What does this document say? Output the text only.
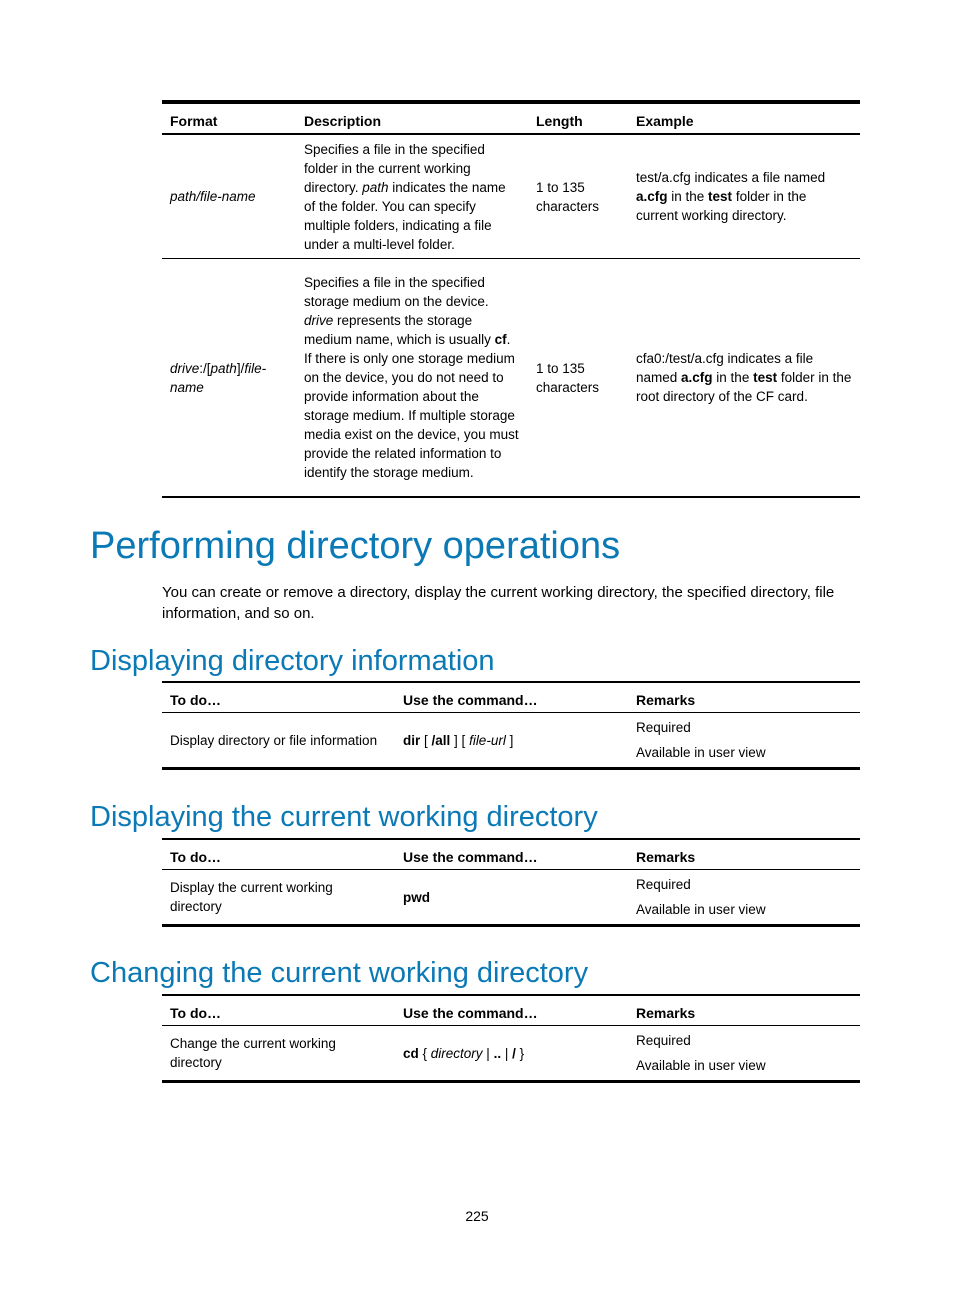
Format	Description	Length	Example
path/file-name	Specifies a file in the specified folder in the current working directory. path indicates the name of the folder. You can specify multiple folders, indicating a file under a multi-level folder.	1 to 135 characters	test/a.cfg indicates a file named a.cfg in the test folder in the current working directory.
drive:/[path]/file-name	Specifies a file in the specified storage medium on the device. drive represents the storage medium name, which is usually cf. If there is only one storage medium on the device, you do not need to provide information about the storage medium. If multiple storage media exist on the device, you must provide the related information to identify the storage medium.	1 to 135 characters	cfa0:/test/a.cfg indicates a file named a.cfg in the test folder in the root directory of the CF card.
Performing directory operations
You can create or remove a directory, display the current working directory, the specified directory, file information, and so on.
Displaying directory information
To do…	Use the command…	Remarks
Display directory or file information	dir [ /all ] [ file-url ]	Required
Available in user view
Displaying the current working directory
To do…	Use the command…	Remarks
Display the current working directory	pwd	Required
Available in user view
Changing the current working directory
To do…	Use the command…	Remarks
Change the current working directory	cd { directory | .. | / }	Required
Available in user view
225
